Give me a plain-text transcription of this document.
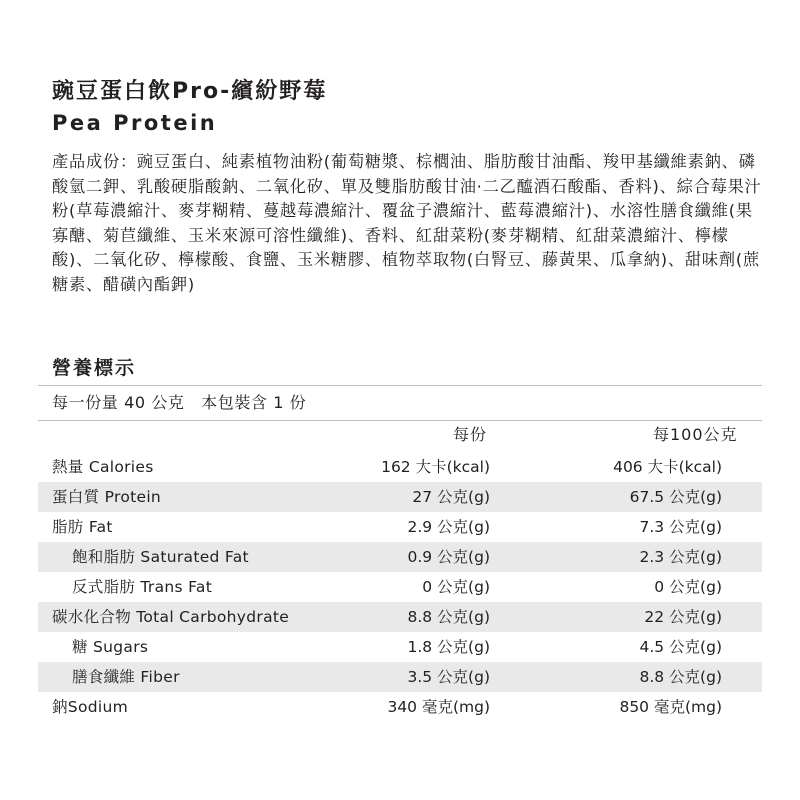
豌豆蛋白飲Pro-繽紛野莓
Pea Protein
產品成份：豌豆蛋白、純素植物油粉(葡萄糖漿、棕櫚油、脂肪酸甘油酯、羧甲基纖維素鈉、磷酸氫二鉀、乳酸硬脂酸鈉、二氧化矽、單及雙脂肪酸甘油·二乙醯酒石酸酯、香料)、綜合莓果汁粉(草莓濃縮汁、麥芽糊精、蔓越莓濃縮汁、覆盆子濃縮汁、藍莓濃縮汁)、水溶性膳食纖維(果寡醣、菊苣纖維、玉米來源可溶性纖維)、香料、紅甜菜粉(麥芽糊精、紅甜菜濃縮汁、檸檬酸)、二氧化矽、檸檬酸、食鹽、玉米糖膠、植物萃取物(白腎豆、藤黃果、瓜拿納)、甜味劑(蔗糖素、醋磺內酯鉀)
營養標示
每一份量 40 公克　本包裝含 1 份
每份	每100公克
熱量 Calories	162 大卡(kcal)	406 大卡(kcal)
蛋白質 Protein	27 公克(g)	67.5 公克(g)
脂肪 Fat	2.9 公克(g)	7.3 公克(g)
飽和脂肪 Saturated Fat	0.9 公克(g)	2.3 公克(g)
反式脂肪 Trans Fat	0 公克(g)	0 公克(g)
碳水化合物 Total Carbohydrate	8.8 公克(g)	22 公克(g)
糖 Sugars	1.8 公克(g)	4.5 公克(g)
膳食纖維 Fiber	3.5 公克(g)	8.8 公克(g)
鈉Sodium	340 毫克(mg)	850 毫克(mg)
